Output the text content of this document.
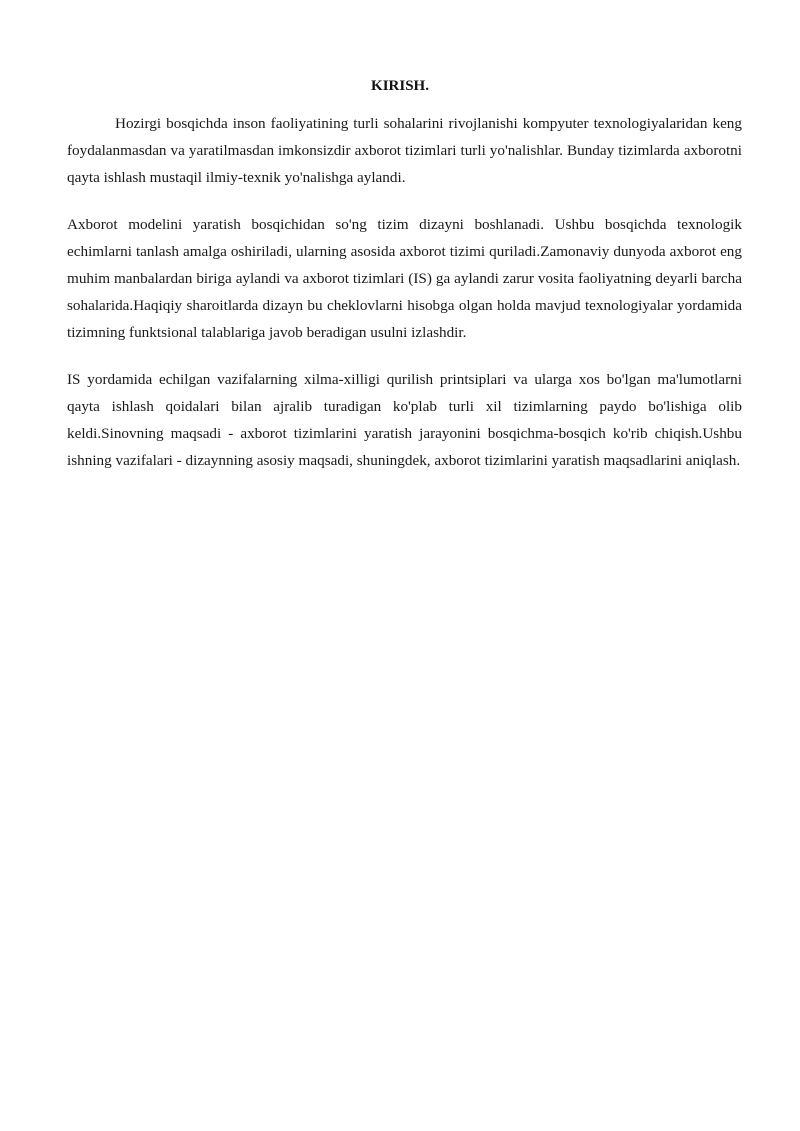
KIRISH.

Hozirgi bosqichda inson faoliyatining turli sohalarini rivojlanishi kompyuter texnologiyalaridan keng foydalanmasdan va yaratilmasdan imkonsizdir axborot tizimlari turli yo'nalishlar. Bunday tizimlarda axborotni qayta ishlash mustaqil ilmiy-texnik yo'nalishga aylandi.

Axborot modelini yaratish bosqichidan so'ng tizim dizayni boshlanadi. Ushbu bosqichda texnologik echimlarni tanlash amalga oshiriladi, ularning asosida axborot tizimi quriladi.Zamonaviy dunyoda axborot eng muhim manbalardan biriga aylandi va axborot tizimlari (IS) ga aylandi zarur vosita faoliyatning deyarli barcha sohalarida.Haqiqiy sharoitlarda dizayn bu cheklovlarni hisobga olgan holda mavjud texnologiyalar yordamida tizimning funktsional talablariga javob beradigan usulni izlashdir.

IS yordamida echilgan vazifalarning xilma-xilligi qurilish printsiplari va ularga xos bo'lgan ma'lumotlarni qayta ishlash qoidalari bilan ajralib turadigan ko'plab turli xil tizimlarning paydo bo'lishiga olib keldi.Sinovning maqsadi - axborot tizimlarini yaratish jarayonini bosqichma-bosqich ko'rib chiqish.Ushbu ishning vazifalari - dizaynning asosiy maqsadi, shuningdek, axborot tizimlarini yaratish maqsadlarini aniqlash.
